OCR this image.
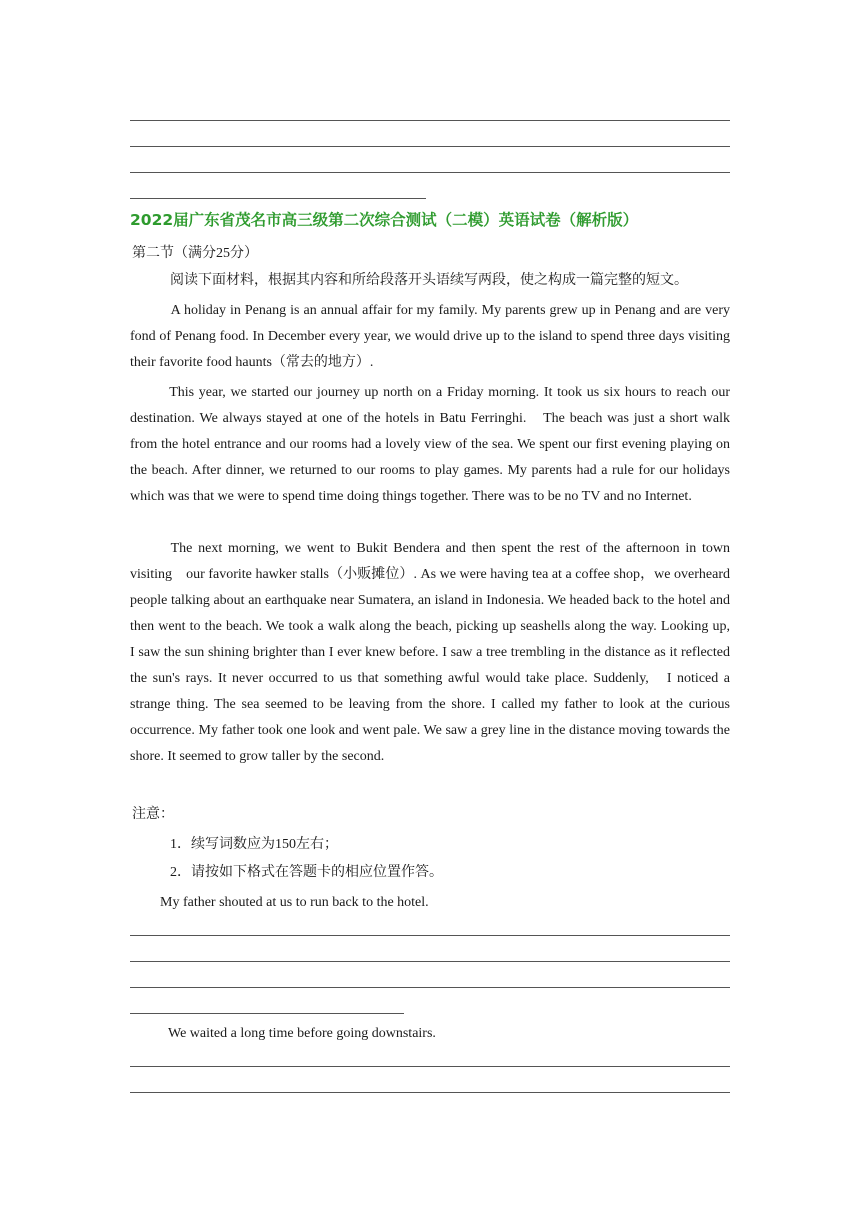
2022届广东省茂名市高三级第二次综合测试（二模）英语试卷（解析版）
第二节（满分25分）
阅读下面材料，根据其内容和所给段落开头语续写两段，使之构成一篇完整的短文。
A holiday in Penang is an annual affair for my family. My parents grew up in Penang and are very fond of Penang food. In December every year, we would drive up to the island to spend three days visiting their favorite food haunts（常去的地方）.
This year, we started our journey up north on a Friday morning. It took us six hours to reach our destination. We always stayed at one of the hotels in Batu Ferringhi.　The beach was just a short walk from the hotel entrance and our rooms had a lovely view of the sea. We spent our first evening playing on the beach. After dinner, we returned to our rooms to play games. My parents had a rule for our holidays which was that we were to spend time doing things together. There was to be no TV and no Internet.
The next morning, we went to Bukit Bendera and then spent the rest of the afternoon in town visiting　our favorite hawker stalls（小贩摊位）. As we were having tea at a coffee shop，we overheard people talking about an earthquake near Sumatera, an island in Indonesia. We headed back to the hotel and then went to the beach. We took a walk along the beach, picking up seashells along the way. Looking up,　I saw the sun shining brighter than I ever knew before. I saw a tree trembling in the distance as it reflected the sun's rays. It never occurred to us that something awful would take place. Suddenly,　I noticed a strange thing. The sea seemed to be leaving from the shore. I called my father to look at the curious occurrence. My father took one look and went pale. We saw a grey line in the distance moving towards the shore. It seemed to grow taller by the second.
注意：
1．续写词数应为150左右；
2．请按如下格式在答题卡的相应位置作答。
My father shouted at us to run back to the hotel.
We waited a long time before going downstairs.
